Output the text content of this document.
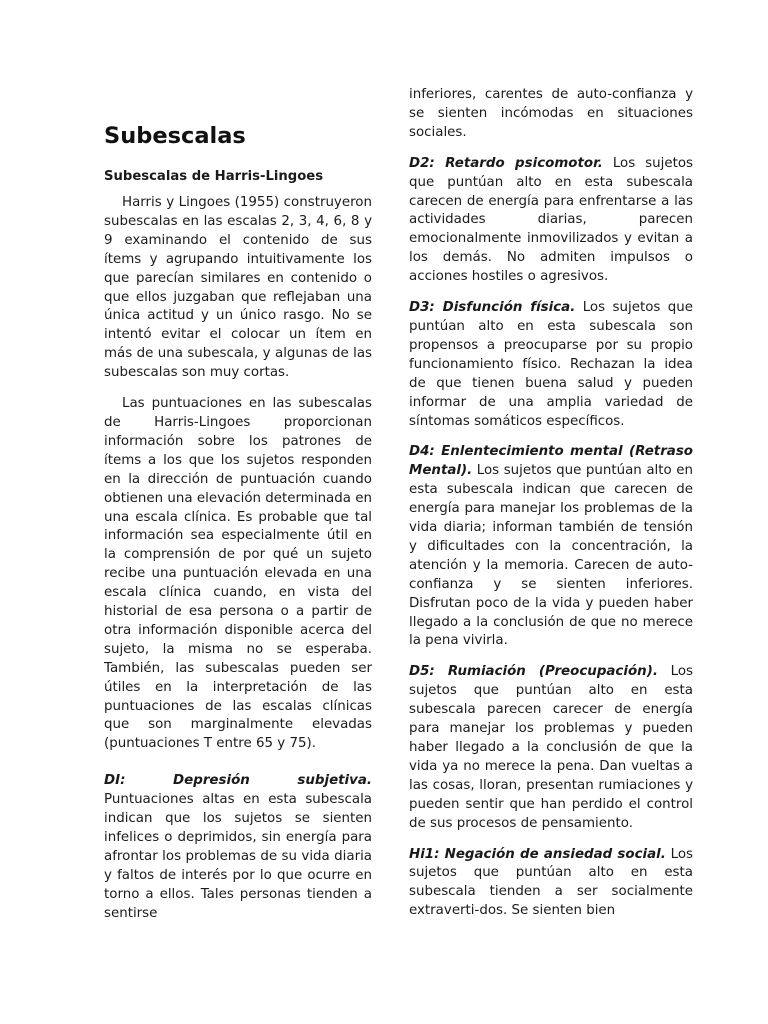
Subescalas
Subescalas de Harris-Lingoes

Harris y Lingoes (1955) construyeron subescalas en las escalas 2, 3, 4, 6, 8 y 9 examinando el contenido de sus ítems y agrupando intuitivamente los que parecían similares en contenido o que ellos juzgaban que reflejaban una única actitud y un único rasgo. No se intentó evitar el colocar un ítem en más de una subescala, y algunas de las subescalas son muy cortas.

Las puntuaciones en las subescalas de Harris-Lingoes proporcionan información sobre los patrones de ítems a los que los sujetos responden en la dirección de puntuación cuando obtienen una elevación determinada en una escala clínica. Es probable que tal información sea especialmente útil en la comprensión de por qué un sujeto recibe una puntuación elevada en una escala clínica cuando, en vista del historial de esa persona o a partir de otra información disponible acerca del sujeto, la misma no se esperaba. También, las subescalas pueden ser útiles en la interpretación de las puntuaciones de las escalas clínicas que son marginalmente elevadas (puntuaciones T entre 65 y 75).

DI: Depresión subjetiva. Puntuaciones altas en esta subescala indican que los sujetos se sienten infelices o deprimidos, sin energía para afrontar los problemas de su vida diaria y faltos de interés por lo que ocurre en torno a ellos. Tales personas tienden a sentirse

inferiores, carentes de auto-confianza y se sienten incómodas en situaciones sociales.

D2: Retardo psicomotor. Los sujetos que puntúan alto en esta subescala carecen de energía para enfrentarse a las actividades diarias, parecen emocionalmente inmovilizados y evitan a los demás. No admiten impulsos o acciones hostiles o agresivos.

D3: Disfunción física. Los sujetos que puntúan alto en esta subescala son propensos a preocuparse por su propio funcionamiento físico. Rechazan la idea de que tienen buena salud y pueden informar de una amplia variedad de síntomas somáticos específicos.

D4: Enlentecimiento mental (Retraso Mental). Los sujetos que puntúan alto en esta subescala indican que carecen de energía para manejar los problemas de la vida diaria; informan también de tensión y dificultades con la concentración, la atención y la memoria. Carecen de auto-confianza y se sienten inferiores. Disfrutan poco de la vida y pueden haber llegado a la conclusión de que no merece la pena vivirla.

D5: Rumiación (Preocupación). Los sujetos que puntúan alto en esta subescala parecen carecer de energía para manejar los problemas y pueden haber llegado a la conclusión de que la vida ya no merece la pena. Dan vueltas a las cosas, lloran, presentan rumiaciones y pueden sentir que han perdido el control de sus procesos de pensamiento.

Hi1: Negación de ansiedad social. Los sujetos que puntúan alto en esta subescala tienden a ser socialmente extraverti-dos. Se sienten bien
